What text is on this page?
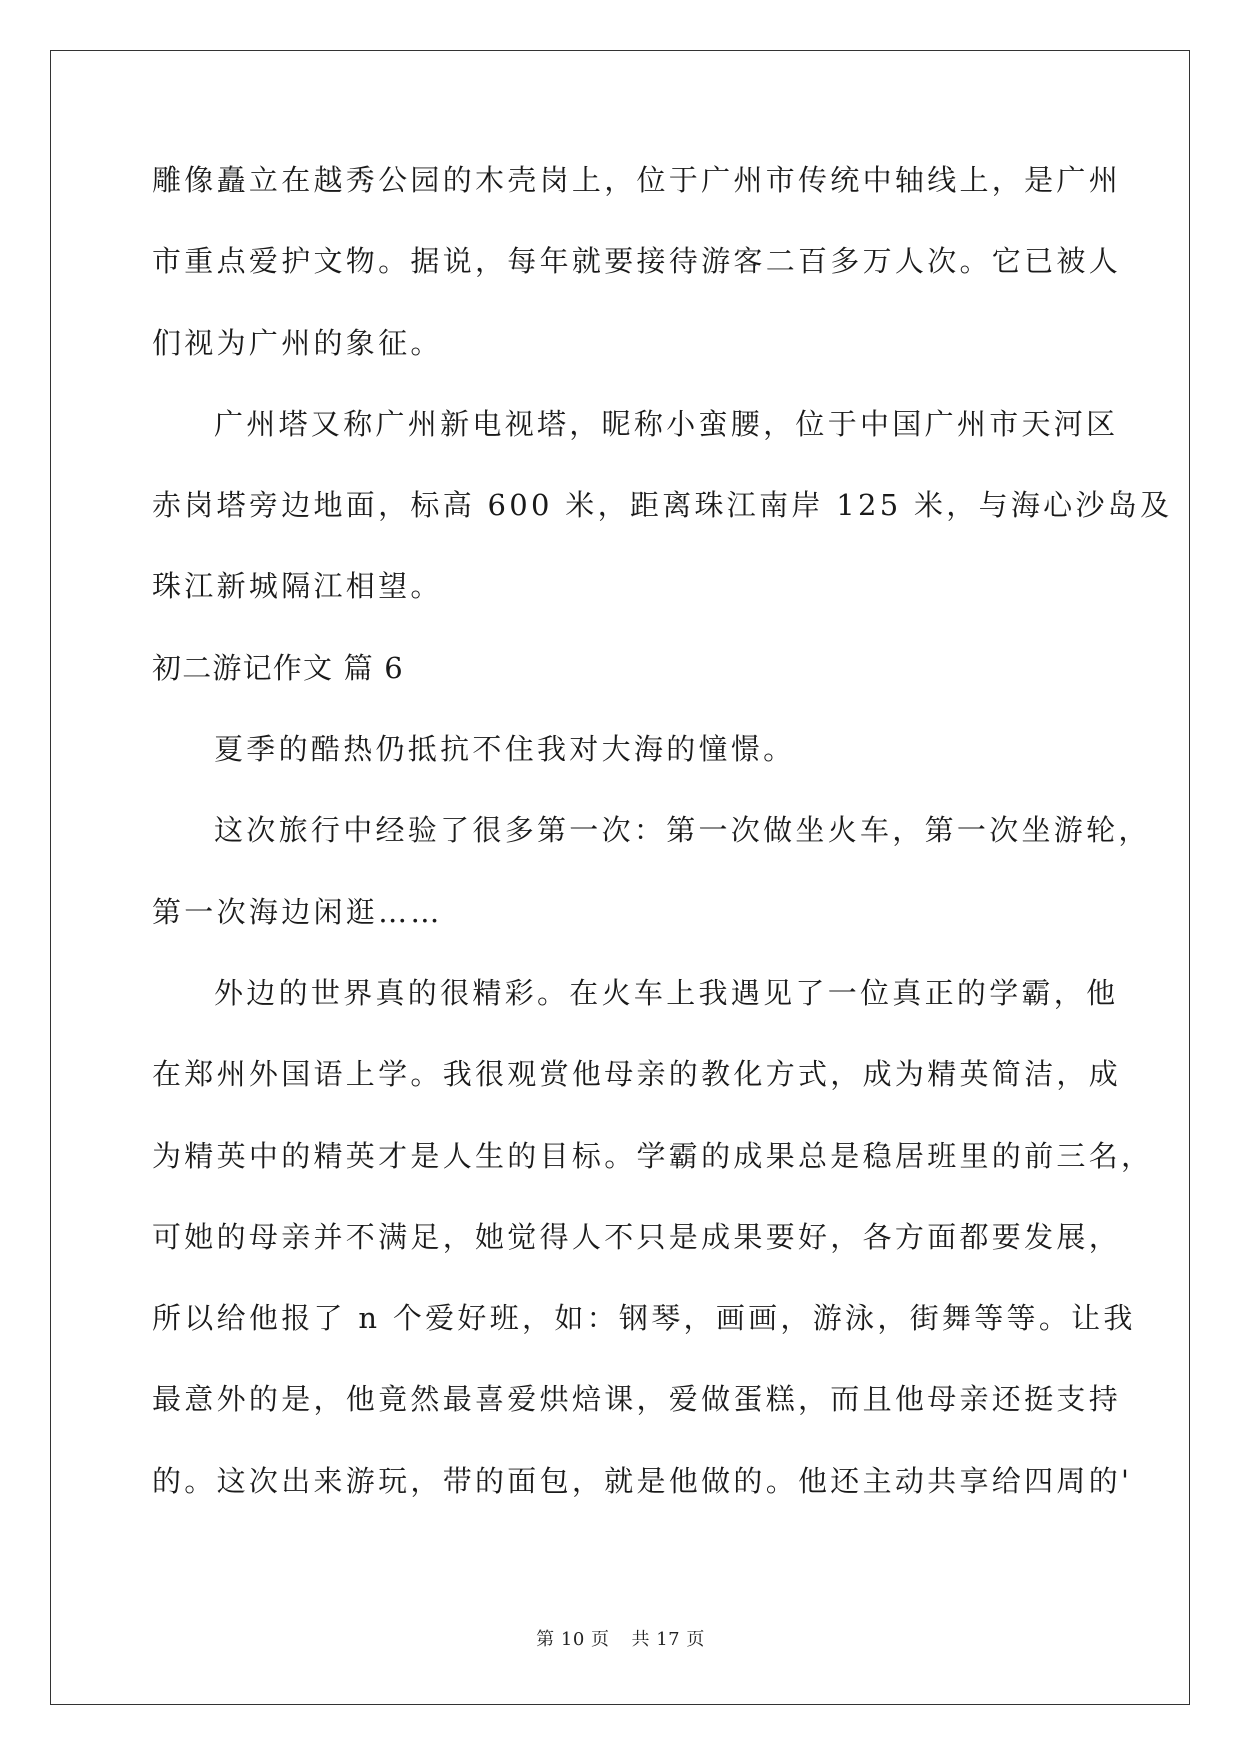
雕像矗立在越秀公园的木壳岗上，位于广州市传统中轴线上，是广州
市重点爱护文物。据说，每年就要接待游客二百多万人次。它已被人
们视为广州的象征。
广州塔又称广州新电视塔，昵称小蛮腰，位于中国广州市天河区
赤岗塔旁边地面，标高 600 米，距离珠江南岸 125 米，与海心沙岛及
珠江新城隔江相望。
初二游记作文 篇 6
夏季的酷热仍抵抗不住我对大海的憧憬。
这次旅行中经验了很多第一次：第一次做坐火车，第一次坐游轮，
第一次海边闲逛……
外边的世界真的很精彩。在火车上我遇见了一位真正的学霸，他
在郑州外国语上学。我很观赏他母亲的教化方式，成为精英简洁，成
为精英中的精英才是人生的目标。学霸的成果总是稳居班里的前三名，
可她的母亲并不满足，她觉得人不只是成果要好，各方面都要发展，
所以给他报了 n 个爱好班，如：钢琴，画画，游泳，街舞等等。让我
最意外的是，他竟然最喜爱烘焙课，爱做蛋糕，而且他母亲还挺支持
的。这次出来游玩，带的面包，就是他做的。他还主动共享给四周的'
第 10 页 共 17 页
